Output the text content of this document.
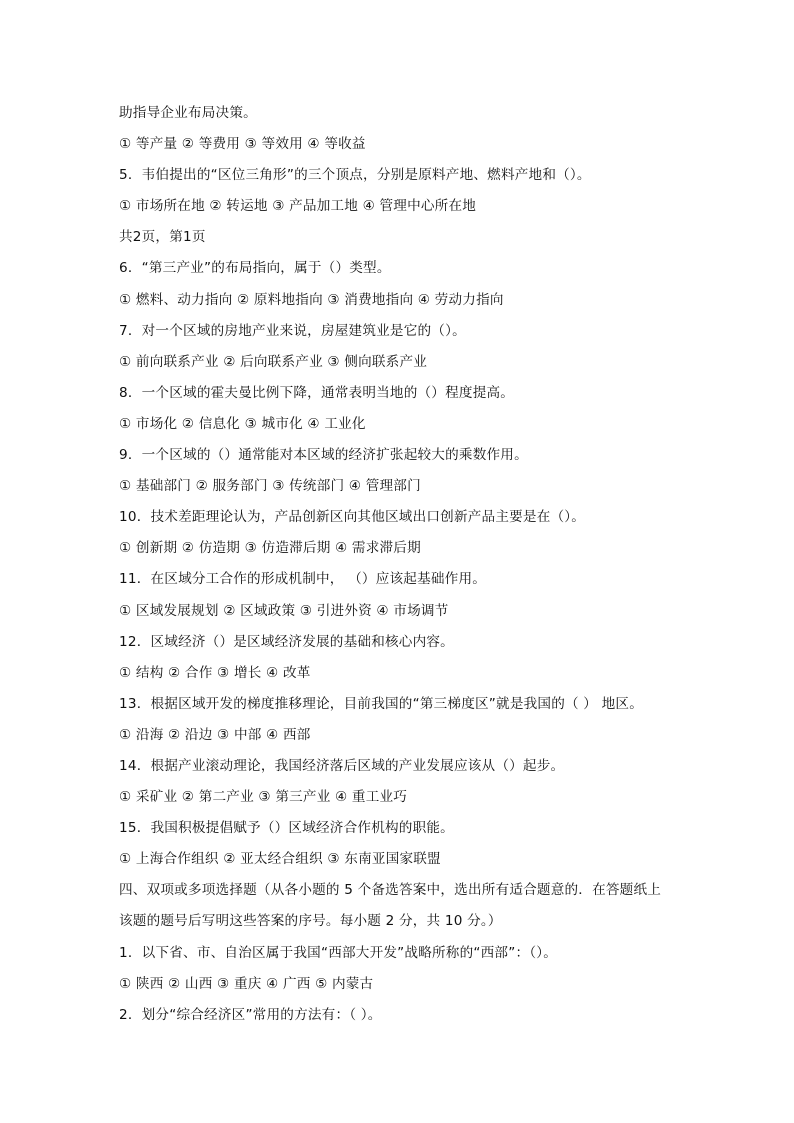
助指导企业布局决策。
① 等产量 ② 等费用 ③ 等效用 ④ 等收益
5．韦伯提出的“区位三角形”的三个顶点，分别是原料产地、燃料产地和（）。
① 市场所在地 ② 转运地 ③ 产品加工地 ④ 管理中心所在地
共2页，第1页
6．“第三产业”的布局指向，属于（）类型。
① 燃料、动力指向 ② 原料地指向 ③ 消费地指向 ④ 劳动力指向
7．对一个区域的房地产业来说，房屋建筑业是它的（）。
① 前向联系产业 ② 后向联系产业 ③ 侧向联系产业
8．一个区域的霍夫曼比例下降，通常表明当地的（）程度提高。
① 市场化 ② 信息化 ③ 城市化 ④ 工业化
9．一个区域的（）通常能对本区域的经济扩张起较大的乘数作用。
① 基础部门 ② 服务部门 ③ 传统部门 ④ 管理部门
10．技术差距理论认为，产品创新区向其他区域出口创新产品主要是在（）。
① 创新期 ② 仿造期 ③ 仿造滞后期 ④ 需求滞后期
11．在区域分工合作的形成机制中， （）应该起基础作用。
① 区域发展规划 ② 区域政策 ③ 引进外资 ④ 市场调节
12．区域经济（）是区域经济发展的基础和核心内容。
① 结构 ② 合作 ③ 增长 ④ 改革
13．根据区域开发的梯度推移理论，目前我国的“第三梯度区”就是我国的（ ） 地区。
① 沿海 ② 沿边 ③ 中部 ④ 西部
14．根据产业滚动理论，我国经济落后区域的产业发展应该从（）起步。
① 采矿业 ② 第二产业 ③ 第三产业 ④ 重工业巧
15．我国积极提倡赋予（）区域经济合作机构的职能。
① 上海合作组织 ② 亚太经合组织 ③ 东南亚国家联盟
四、双项或多项选择题（从各小题的 5 个备选答案中，选出所有适合题意的．在答题纸上
该题的题号后写明这些答案的序号。每小题 2 分，共 10 分。）
1．以下省、市、自治区属于我国“西部大开发”战略所称的“西部”：（）。
① 陕西 ② 山西 ③ 重庆 ④ 广西 ⑤ 内蒙古
2．划分“综合经济区”常用的方法有：（ ）。
